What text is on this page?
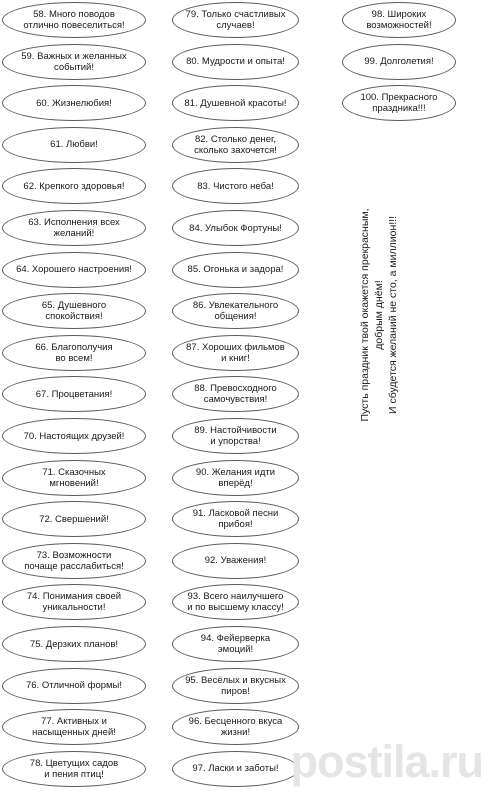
58. Много поводов
отлично повеселиться!
59. Важных и желанных
событий!
60. Жизнелюбия!
61. Любви!
62. Крепкого здоровья!
63. Исполнения всех
желаний!
64. Хорошего настроения!
65. Душевного
спокойствия!
66. Благополучия
во всем!
67. Процветания!
70. Настоящих друзей!
71. Сказочных
мгновений!
72. Свершений!
73. Возможности
почаще расслабиться!
74. Понимания своей
уникальности!
75. Дерзких планов!
76. Отличной формы!
77. Активных и
насыщенных дней!
78. Цветущих садов
и пения птиц!
79. Только счастливых
случаев!
80. Мудрости и опыта!
81. Душевной красоты!
82. Столько денег,
сколько захочется!
83. Чистого неба!
84. Улыбок Фортуны!
85. Огонька и задора!
86. Увлекательного
общения!
87. Хороших фильмов
и книг!
88. Превосходного
самочувствия!
89. Настойчивости
и упорства!
90. Желания идти
вперёд!
91. Ласковой песни
прибоя!
92. Уважения!
93. Всего наилучшего
и по высшему классу!
94. Фейерверка эмоций!
95. Весёлых и вкусных
пиров!
96. Бесценного вкуса
жизни!
97. Ласки и заботы!
98. Широких
возможностей!
99. Долголетия!
100. Прекрасного
праздника!!!
Пусть праздник твой окажется прекрасным,
добрым днём!
И сбудется желаний не сто, а миллион!!!
postila.ru
